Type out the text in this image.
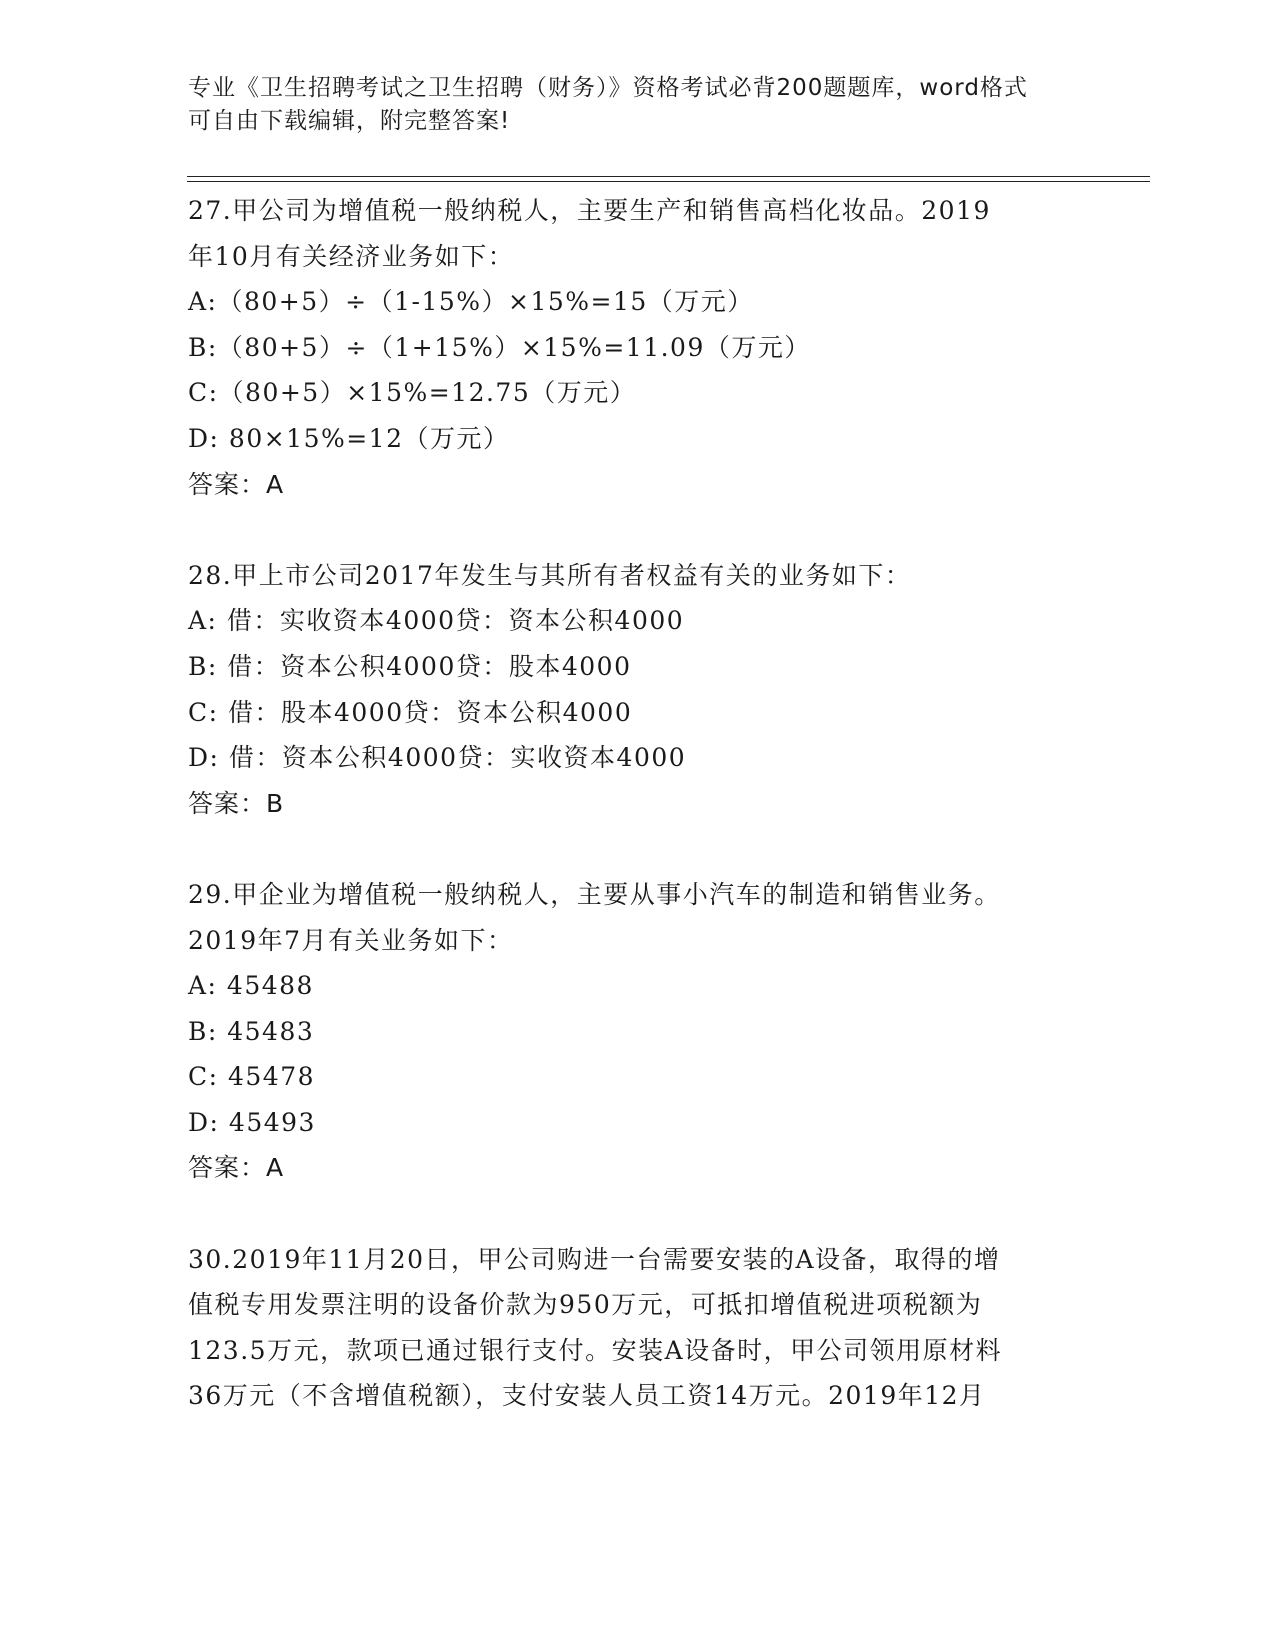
专业《卫生招聘考试之卫生招聘（财务）》资格考试必背200题题库，word格式
可自由下载编辑，附完整答案!
27.甲公司为增值税一般纳税人，主要生产和销售高档化妆品。2019
年10月有关经济业务如下：
A:（80+5）÷（1-15%）×15%=15（万元）
B:（80+5）÷（1+15%）×15%=11.09（万元）
C:（80+5）×15%=12.75（万元）
D: 80×15%=12（万元）
答案：A
28.甲上市公司2017年发生与其所有者权益有关的业务如下：
A: 借：实收资本4000贷：资本公积4000
B: 借：资本公积4000贷：股本4000
C: 借：股本4000贷：资本公积4000
D: 借：资本公积4000贷：实收资本4000
答案：B
29.甲企业为增值税一般纳税人，主要从事小汽车的制造和销售业务。
2019年7月有关业务如下：
A: 45488
B: 45483
C: 45478
D: 45493
答案：A
30.2019年11月20日，甲公司购进一台需要安装的A设备，取得的增
值税专用发票注明的设备价款为950万元，可抵扣增值税进项税额为
123.5万元，款项已通过银行支付。安装A设备时，甲公司领用原材料
36万元（不含增值税额），支付安装人员工资14万元。2019年12月
